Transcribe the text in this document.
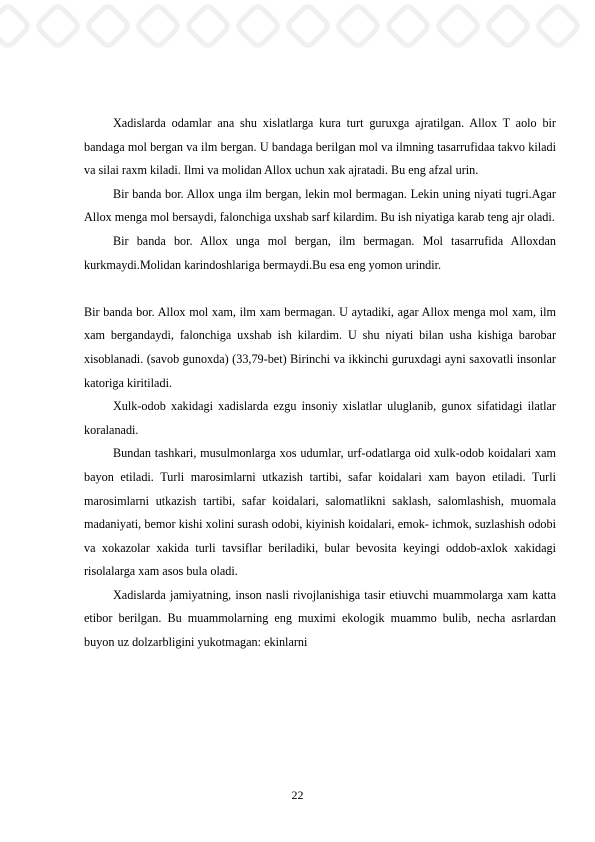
Xadislarda odamlar ana shu xislatlarga kura turt guruxga ajratilgan. Allox T aolo bir bandaga mol bergan va ilm bergan. U bandaga berilgan mol va ilmning tasarrufidaa takvo kiladi va silai raxm kiladi. Ilmi va molidan Allox uchun xak ajratadi. Bu eng afzal urin.

Bir banda bor. Allox unga ilm bergan, lekin mol bermagan. Lekin uning niyati tugri.Agar Allox menga mol bersaydi, falonchiga uxshab sarf kilardim. Bu ish niyatiga karab teng ajr oladi.

Bir banda bor. Allox unga mol bergan, ilm bermagan. Mol tasarrufida Alloxdan kurkmaydi.Molidan karindoshlariga bermaydi.Bu esa eng yomon urindir.

Bir banda bor. Allox mol xam, ilm xam bermagan. U aytadiki, agar Allox menga mol xam, ilm xam bergandaydi, falonchiga uxshab ish kilardim. U shu niyati bilan usha kishiga barobar xisoblanadi. (savob gunoxda) (33,79-bet) Birinchi va ikkinchi guruxdagi ayni saxovatli insonlar katoriga kiritiladi.

Xulk-odob xakidagi xadislarda ezgu insoniy xislatlar uluglanib, gunox sifatidagi ilatlar koralanadi.

Bundan tashkari, musulmonlarga xos udumlar, urf-odatlarga oid xulk-odob koidalari xam bayon etiladi. Turli marosimlarni utkazish tartibi, safar koidalari xam bayon etiladi. Turli marosimlarni utkazish tartibi, safar koidalari, salomatlikni saklash, salomlashish, muomala madaniyati, bemor kishi xolini surash odobi, kiyinish koidalari, emok- ichmok, suzlashish odobi va xokazolar xakida turli tavsiflar beriladiki, bular bevosita keyingi oddob-axlok xakidagi risolalarga xam asos bula oladi.

Xadislarda jamiyatning, inson nasli rivojlanishiga tasir etiuvchi muammolarga xam katta etibor berilgan. Bu muammolarning eng muximi ekologik muammo bulib, necha asrlardan buyon uz dolzarbligini yukotmagan: ekinlarni

22
